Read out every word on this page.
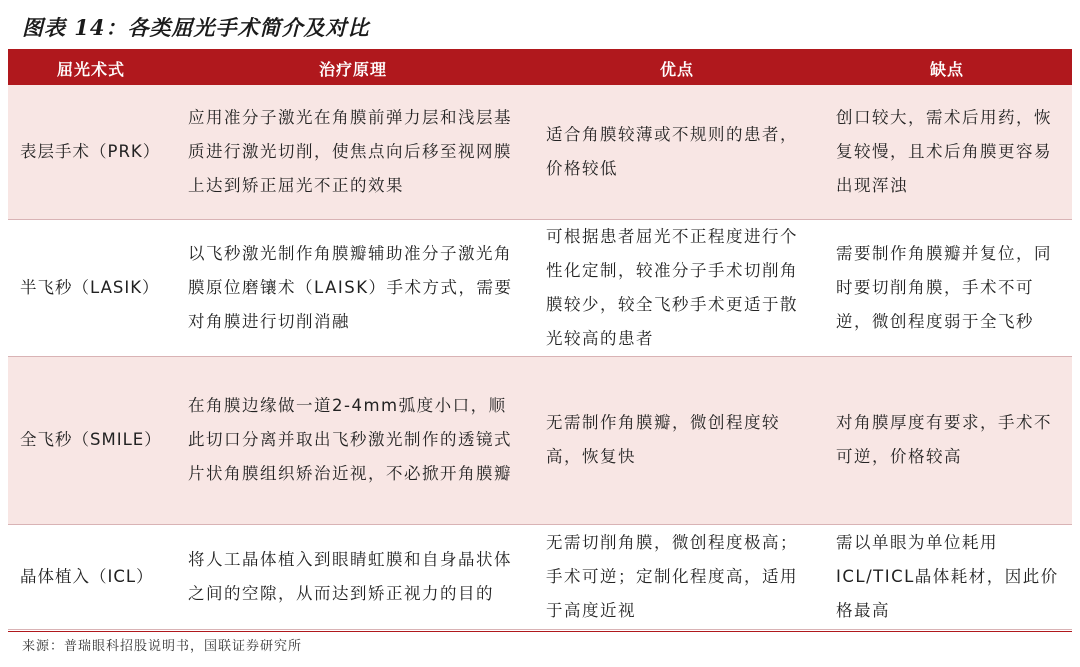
图表 14：各类屈光手术简介及对比
屈光术式	治疗原理	优点	缺点
表层手术（PRK）	应用准分子激光在角膜前弹力层和浅层基质进行激光切削，使焦点向后移至视网膜上达到矫正屈光不正的效果	适合角膜较薄或不规则的患者，价格较低	创口较大，需术后用药，恢复较慢，且术后角膜更容易出现浑浊
半飞秒（LASIK）	以飞秒激光制作角膜瓣辅助准分子激光角膜原位磨镶术（LAISK）手术方式，需要对角膜进行切削消融	可根据患者屈光不正程度进行个性化定制，较准分子手术切削角膜较少，较全飞秒手术更适于散光较高的患者	需要制作角膜瓣并复位，同时要切削角膜，手术不可逆，微创程度弱于全飞秒
全飞秒（SMILE）	在角膜边缘做一道2-4mm弧度小口，顺此切口分离并取出飞秒激光制作的透镜式片状角膜组织矫治近视，不必掀开角膜瓣	无需制作角膜瓣，微创程度较高，恢复快	对角膜厚度有要求，手术不可逆，价格较高
晶体植入（ICL）	将人工晶体植入到眼睛虹膜和自身晶状体之间的空隙，从而达到矫正视力的目的	无需切削角膜，微创程度极高；手术可逆；定制化程度高，适用于高度近视	需以单眼为单位耗用ICL/TICL晶体耗材，因此价格最高
来源：普瑞眼科招股说明书，国联证券研究所
